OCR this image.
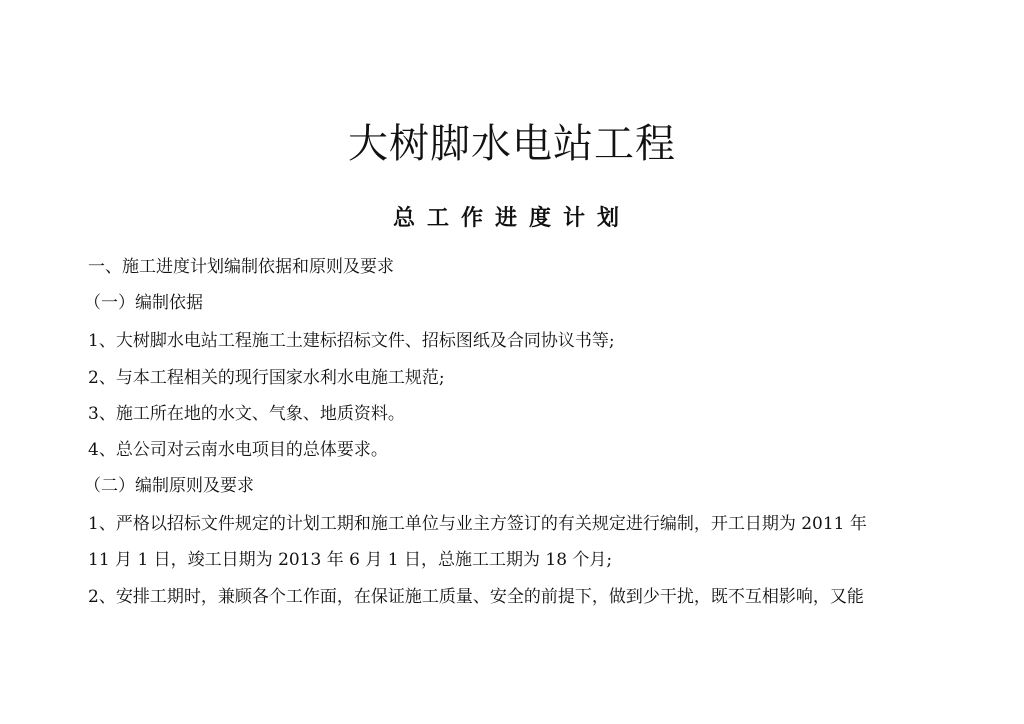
大树脚水电站工程
总工作进度计划

一、施工进度计划编制依据和原则及要求

（一）编制依据

1、大树脚水电站工程施工土建标招标文件、招标图纸及合同协议书等;

2、与本工程相关的现行国家水利水电施工规范;

3、施工所在地的水文、气象、地质资料。

4、总公司对云南水电项目的总体要求。

（二）编制原则及要求

1、严格以招标文件规定的计划工期和施工单位与业主方签订的有关规定进行编制，开工日期为 2011 年

11 月 1 日，竣工日期为 2013 年 6 月 1 日，总施工工期为 18 个月;

2、安排工期时，兼顾各个工作面，在保证施工质量、安全的前提下，做到少干扰，既不互相影响，又能
